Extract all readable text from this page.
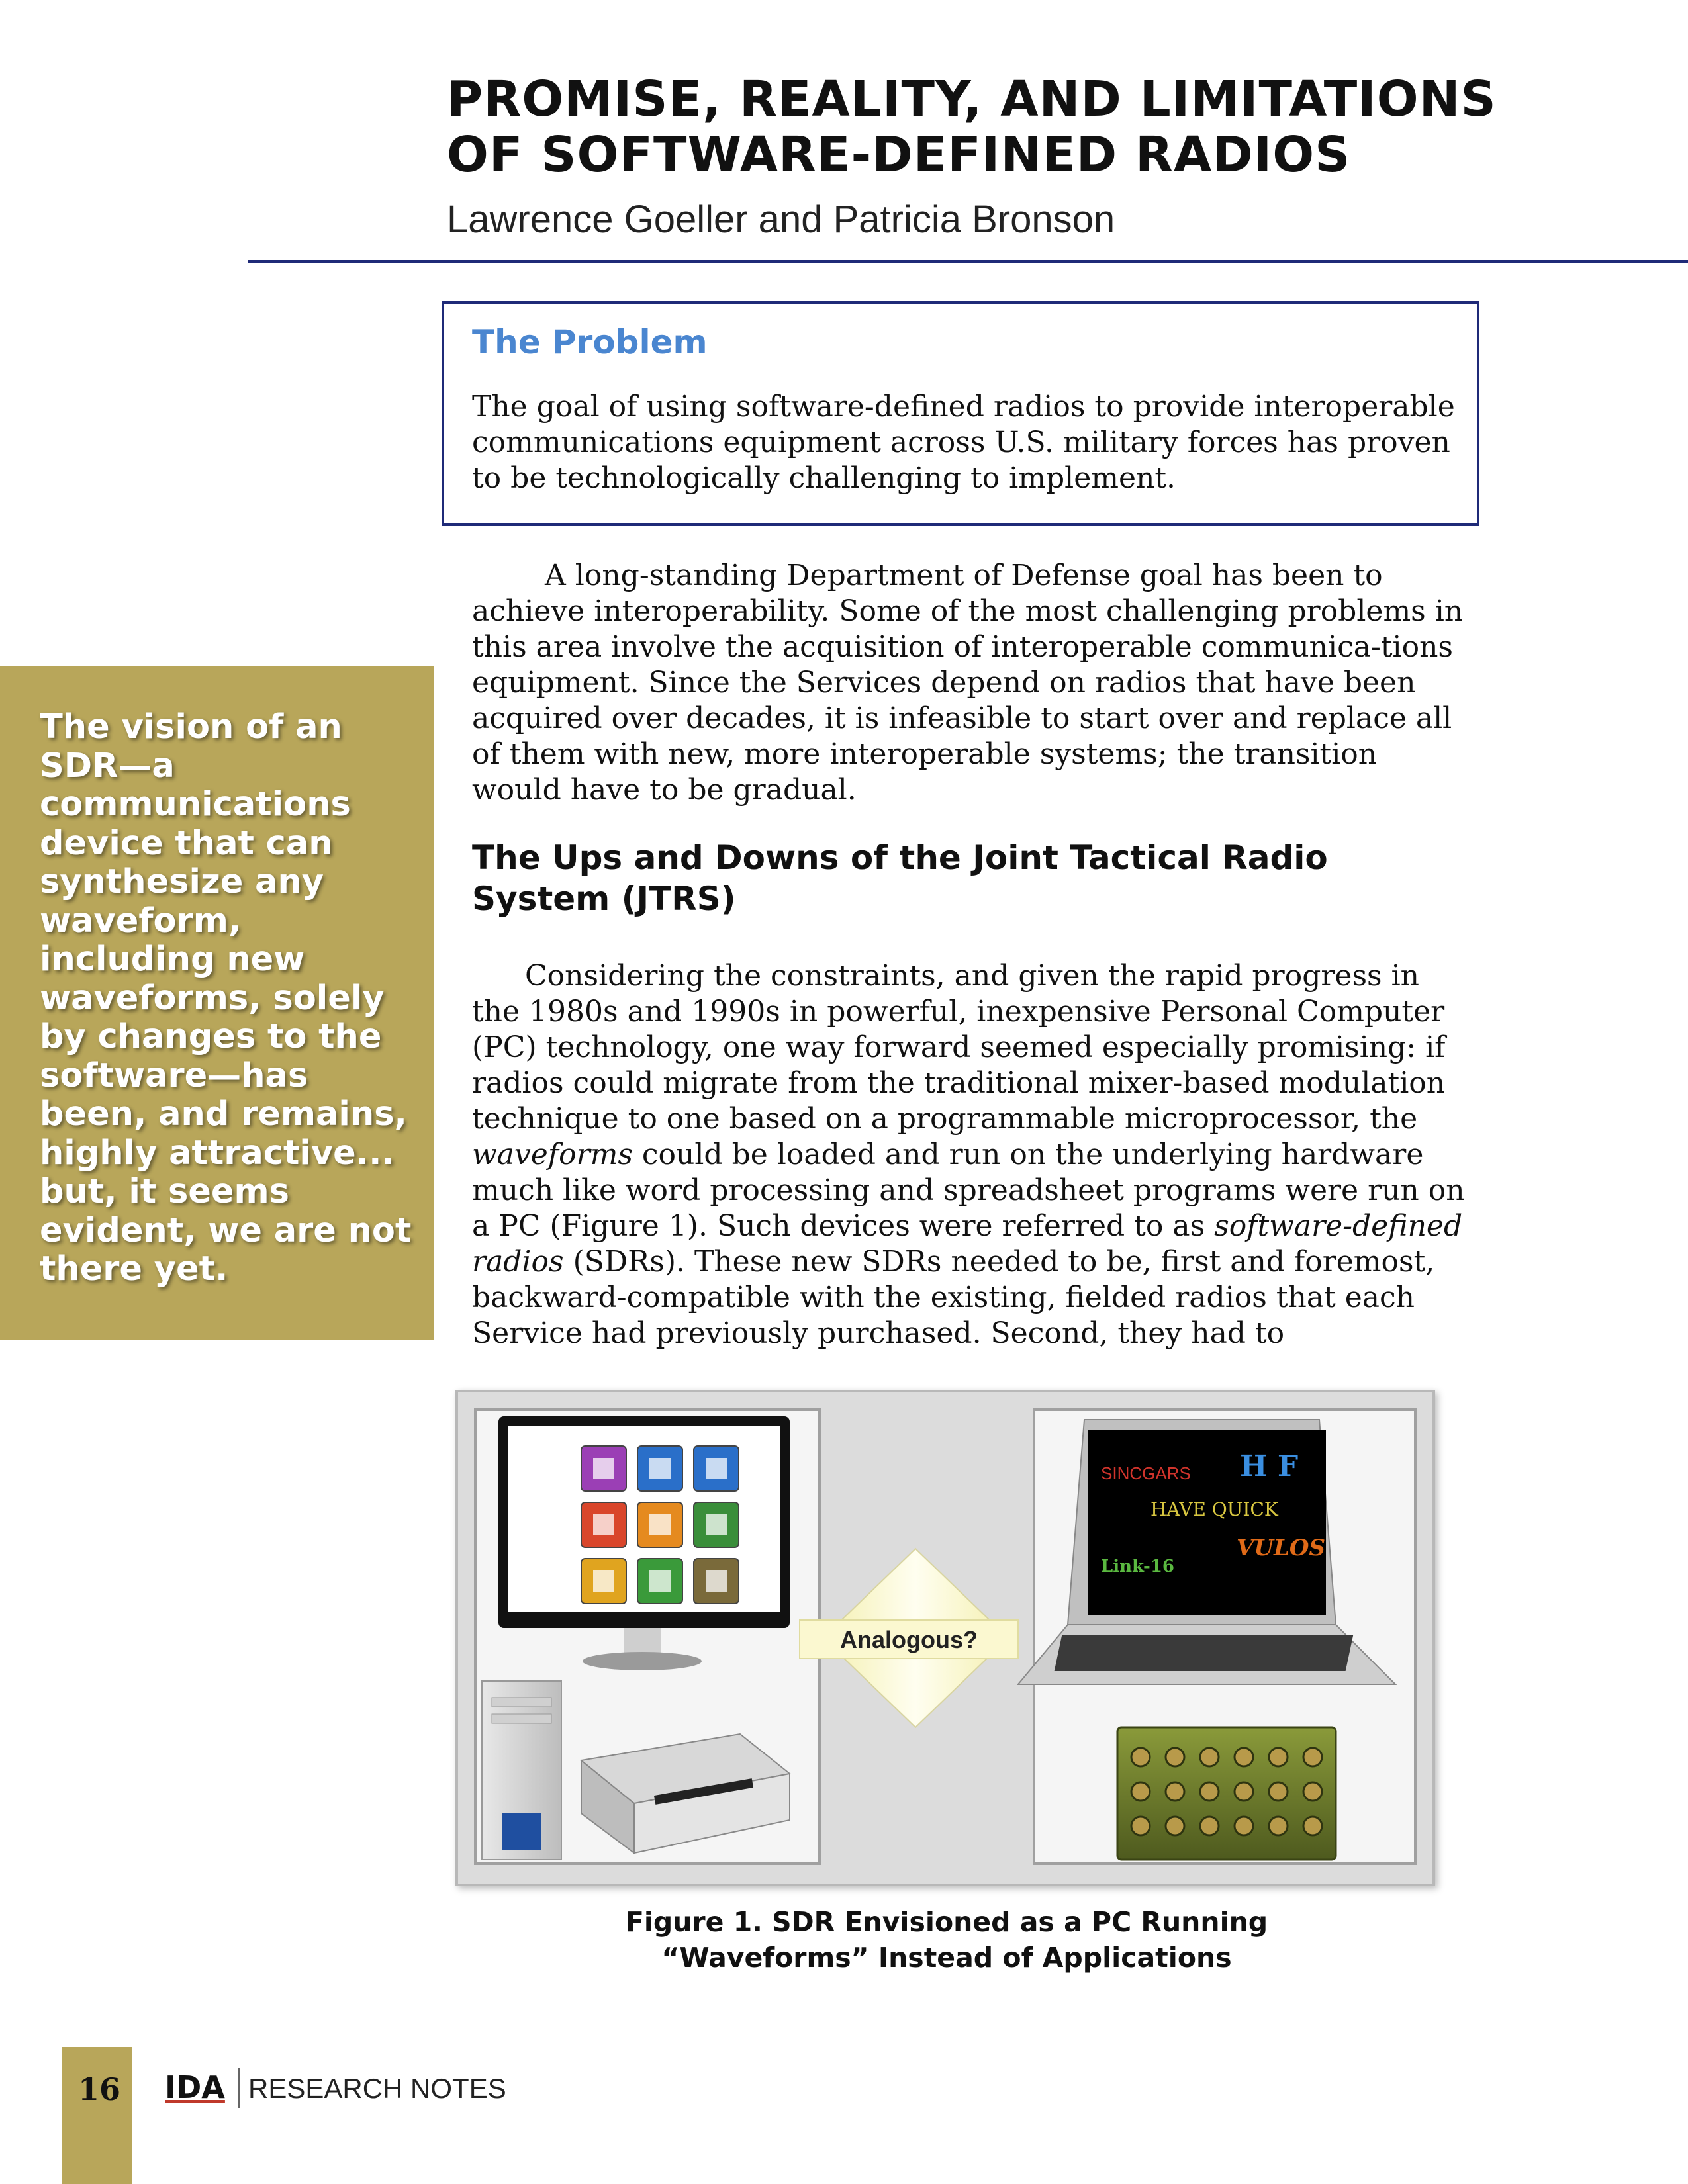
PROMISE, REALITY, AND LIMITATIONS
OF SOFTWARE-DEFINED RADIOS
Lawrence Goeller and Patricia Bronson
The Problem
The goal of using software-defined radios to provide interoperable communications equipment across U.S. military forces has proven to be technologically challenging to implement.
A long-standing Department of Defense goal has been to achieve interoperability. Some of the most challenging problems in this area involve the acquisition of interoperable communica-tions equipment. Since the Services depend on radios that have been acquired over decades, it is infeasible to start over and replace all of them with new, more interoperable systems; the transition would have to be gradual.
The Ups and Downs of the Joint Tactical Radio System (JTRS)
Considering the constraints, and given the rapid progress in the 1980s and 1990s in powerful, inexpensive Personal Computer (PC) technology, one way forward seemed especially promising: if radios could migrate from the traditional mixer-based modulation technique to one based on a programmable microprocessor, the waveforms could be loaded and run on the underlying hardware much like word processing and spreadsheet programs were run on a PC (Figure 1). Such devices were referred to as software-defined radios (SDRs). These new SDRs needed to be, first and foremost, backward-compatible with the existing, fielded radios that each Service had previously purchased. Second, they had to
The vision of an SDR—a communications device that can synthesize any waveform, including new waveforms, solely by changes to the software—has been, and remains, highly attractive... but, it seems evident, we are not there yet.
Analogous?
SINCGARS H F
HAVE QUICK
VULOS
Link-16
Figure 1. SDR Envisioned as a PC Running
“Waveforms” Instead of Applications
16 IDA RESEARCH NOTES
